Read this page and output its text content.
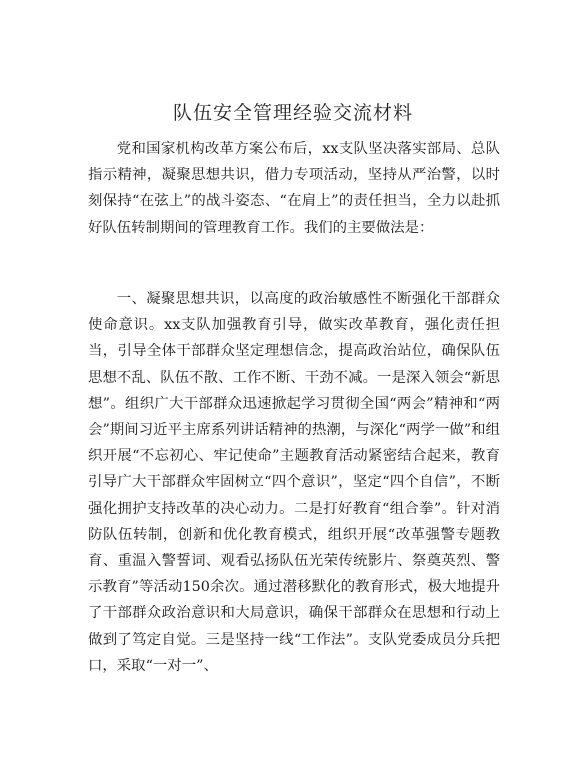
队伍安全管理经验交流材料

党和国家机构改革方案公布后，xx支队坚决落实部局、总队指示精神，凝聚思想共识，借力专项活动，坚持从严治警，以时刻保持“在弦上”的战斗姿态、“在肩上”的责任担当，全力以赴抓好队伍转制期间的管理教育工作。我们的主要做法是：

一、凝聚思想共识，以高度的政治敏感性不断强化干部群众使命意识。xx支队加强教育引导，做实改革教育，强化责任担当，引导全体干部群众坚定理想信念，提高政治站位，确保队伍思想不乱、队伍不散、工作不断、干劲不减。一是深入领会“新思想”。组织广大干部群众迅速掀起学习贯彻全国“两会”精神和“两会”期间习近平主席系列讲话精神的热潮，与深化“两学一做”和组织开展“不忘初心、牢记使命”主题教育活动紧密结合起来，教育引导广大干部群众牢固树立“四个意识”，坚定“四个自信”，不断强化拥护支持改革的决心动力。二是打好教育“组合拳”。针对消防队伍转制，创新和优化教育模式，组织开展“改革强警专题教育、重温入警誓词、观看弘扬队伍光荣传统影片、祭奠英烈、警示教育”等活动150余次。通过潜移默化的教育形式，极大地提升了干部群众政治意识和大局意识，确保干部群众在思想和行动上做到了笃定自觉。三是坚持一线“工作法”。支队党委成员分兵把口，采取“一对一”、
